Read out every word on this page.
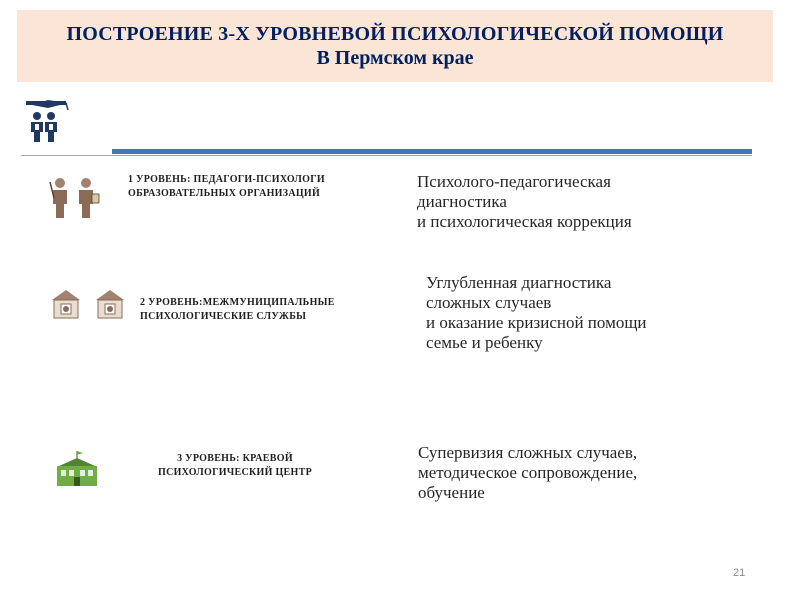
ПОСТРОЕНИЕ 3-Х УРОВНЕВОЙ ПСИХОЛОГИЧЕСКОЙ ПОМОЩИ
В Пермском крае
1 УРОВЕНЬ: ПЕДАГОГИ-ПСИХОЛОГИ
ОБРАЗОВАТЕЛЬНЫХ ОРГАНИЗАЦИЙ
Психолого-педагогическая
диагностика
и психологическая коррекция
2 УРОВЕНЬ:МЕЖМУНИЦИПАЛЬНЫЕ
ПСИХОЛОГИЧЕСКИЕ СЛУЖБЫ
Углубленная диагностика
сложных случаев
и оказание кризисной помощи
семье и ребенку
3 УРОВЕНЬ: КРАЕВОЙ
ПСИХОЛОГИЧЕСКИЙ ЦЕНТР
Супервизия сложных случаев,
методическое сопровождение,
обучение
21
